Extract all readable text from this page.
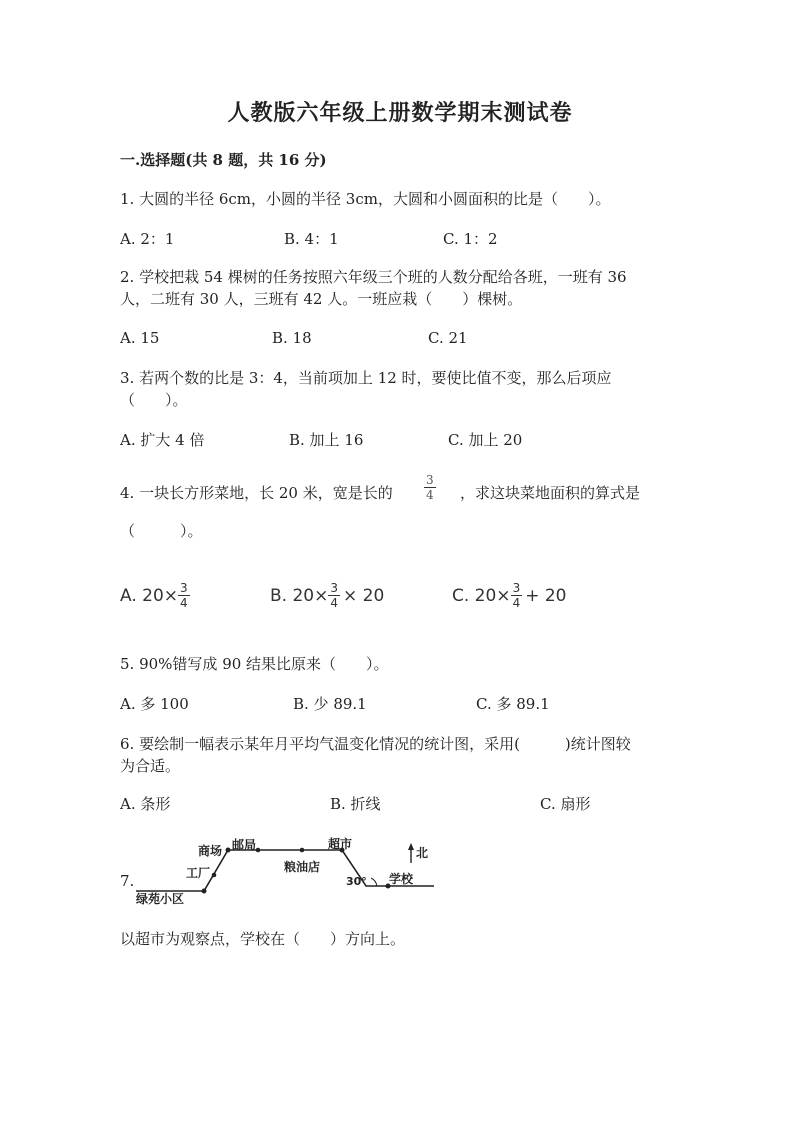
人教版六年级上册数学期末测试卷
一.选择题(共 8 题，共 16 分)
1. 大圆的半径 6cm，小圆的半径 3cm，大圆和小圆面积的比是（　　）。
A. 2：1	B. 4：1	C. 1：2
2. 学校把栽 54 棵树的任务按照六年级三个班的人数分配给各班，一班有 36
人，二班有 30 人，三班有 42 人。一班应栽（　　）棵树。
A. 15	B. 18	C. 21
3. 若两个数的比是 3：4，当前项加上 12 时，要使比值不变，那么后项应
（　　）。
A. 扩大 4 倍	B. 加上 16	C. 加上 20
4. 一块长方形菜地，长 20 米，宽是长的	$\frac{3}{4}$ ，求这块菜地面积的算式是
（　　　）。
A. $20\times \frac{3}{4}$	B. $20\times \frac{3}{4} \times 20$	C. $20\times \frac{3}{4} + 20$
5. 90%错写成 90 结果比原来（　　）。
A. 多 100	B. 少 89.1	C. 多 89.1
6. 要绘制一幅表示某年月平均气温变化情况的统计图，采用(　　　)统计图较
为合适。
A. 条形	B. 折线	C. 扇形
7.
绿苑小区
工厂
商场 邮局
粮油店
超市
学校
30°
北
以超市为观察点，学校在（　　）方向上。
